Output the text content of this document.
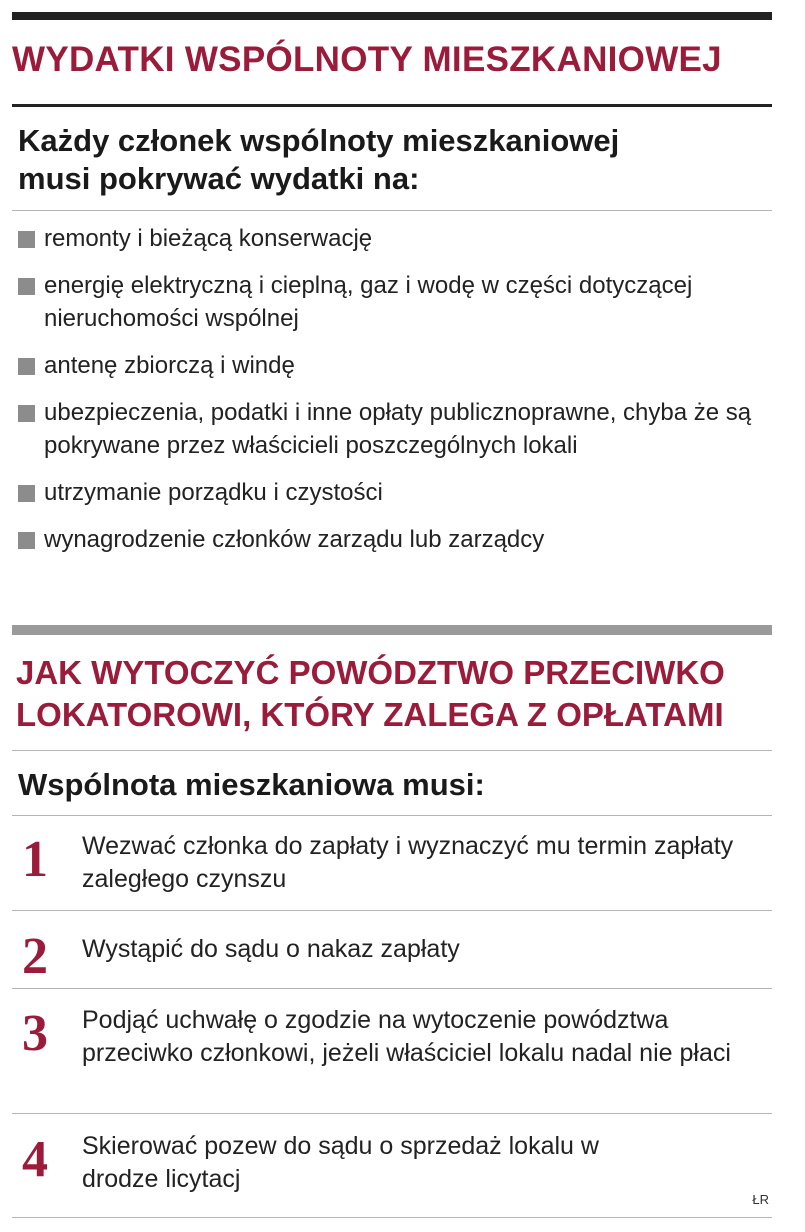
WYDATKI WSPÓLNOTY MIESZKANIOWEJ
Każdy członek wspólnoty mieszkaniowej
musi pokrywać wydatki na:
remonty i bieżącą konserwację
energię elektryczną i cieplną, gaz i wodę w części dotyczącej nieruchomości wspólnej
antenę zbiorczą i windę
ubezpieczenia, podatki i inne opłaty publicznoprawne, chyba że są pokrywane przez właścicieli poszczególnych lokali
utrzymanie porządku i czystości
wynagrodzenie członków zarządu lub zarządcy
JAK WYTOCZYĆ POWÓDZTWO PRZECIWKO
LOKATOROWI, KTÓRY ZALEGA Z OPŁATAMI
Wspólnota mieszkaniowa musi:
1	Wezwać członka do zapłaty i wyznaczyć mu termin zapłaty zaległego czynszu
2	Wystąpić do sądu o nakaz zapłaty
3	Podjąć uchwałę o zgodzie na wytoczenie powództwa przeciwko członkowi, jeżeli właściciel lokalu nadal nie płaci
4	Skierować pozew do sądu o sprzedaż lokalu w drodze licytacj
ŁR
